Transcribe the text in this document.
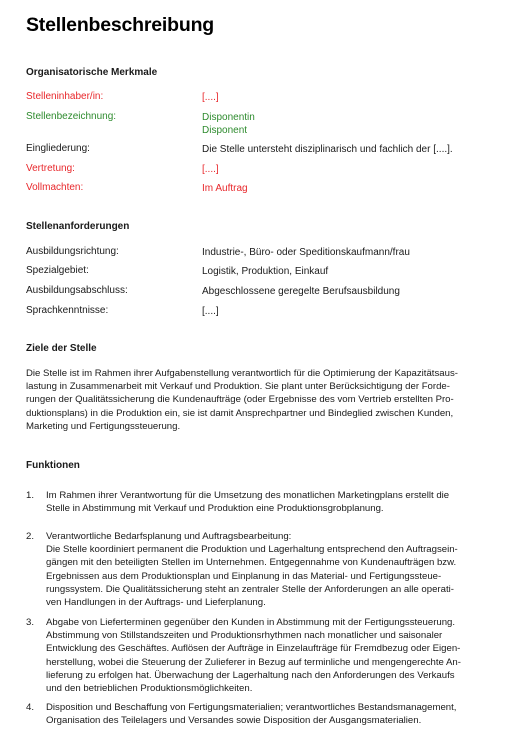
Stellenbeschreibung
Organisatorische Merkmale
Stelleninhaber/in:	[....]
Stellenbezeichnung:	Disponentin
Disponent
Eingliederung:	Die Stelle untersteht disziplinarisch und fachlich der [....].
Vertretung:	[....]
Vollmachten:	Im Auftrag
Stellenanforderungen
Ausbildungsrichtung:	Industrie-, Büro- oder Speditionskaufmann/frau
Spezialgebiet:	Logistik, Produktion, Einkauf
Ausbildungsabschluss:	Abgeschlossene geregelte Berufsausbildung
Sprachkenntnisse:	[....]
Ziele der Stelle
Die Stelle ist im Rahmen ihrer Aufgabenstellung verantwortlich für die Optimierung der Kapazitätsaus-
lastung in Zusammenarbeit mit Verkauf und Produktion. Sie plant unter Berücksichtigung der Forde-
rungen der Qualitätssicherung die Kundenaufträge (oder Ergebnisse des vom Vertrieb erstellten Pro-
duktionsplans) in die Produktion ein, sie ist damit Ansprechpartner und Bindeglied zwischen Kunden,
Marketing und Fertigungssteuerung.
Funktionen
1. Im Rahmen ihrer Verantwortung für die Umsetzung des monatlichen Marketingplans erstellt die
Stelle in Abstimmung mit Verkauf und Produktion eine Produktionsgrobplanung.
2. Verantwortliche Bedarfsplanung und Auftragsbearbeitung:
Die Stelle koordiniert permanent die Produktion und Lagerhaltung entsprechend den Auftragsein-
gängen mit den beteiligten Stellen im Unternehmen. Entgegennahme von Kundenaufträgen bzw.
Ergebnissen aus dem Produktionsplan und Einplanung in das Material- und Fertigungssteue-
rungssystem. Die Qualitätssicherung steht an zentraler Stelle der Anforderungen an alle operati-
ven Handlungen in der Auftrags- und Lieferplanung.
3. Abgabe von Lieferterminen gegenüber den Kunden in Abstimmung mit der Fertigungssteuerung.
Abstimmung von Stillstandszeiten und Produktionsrhythmen nach monatlicher und saisonaler
Entwicklung des Geschäftes. Auflösen der Aufträge in Einzelaufträge für Fremdbezug oder Eigen-
herstellung, wobei die Steuerung der Zulieferer in Bezug auf terminliche und mengengerechte An-
lieferung zu erfolgen hat. Überwachung der Lagerhaltung nach den Anforderungen des Verkaufs
und den betrieblichen Produktionsmöglichkeiten.
4. Disposition und Beschaffung von Fertigungsmaterialien; verantwortliches Bestandsmanagement,
Organisation des Teilelagers und Versandes sowie Disposition der Ausgangsmaterialien.
